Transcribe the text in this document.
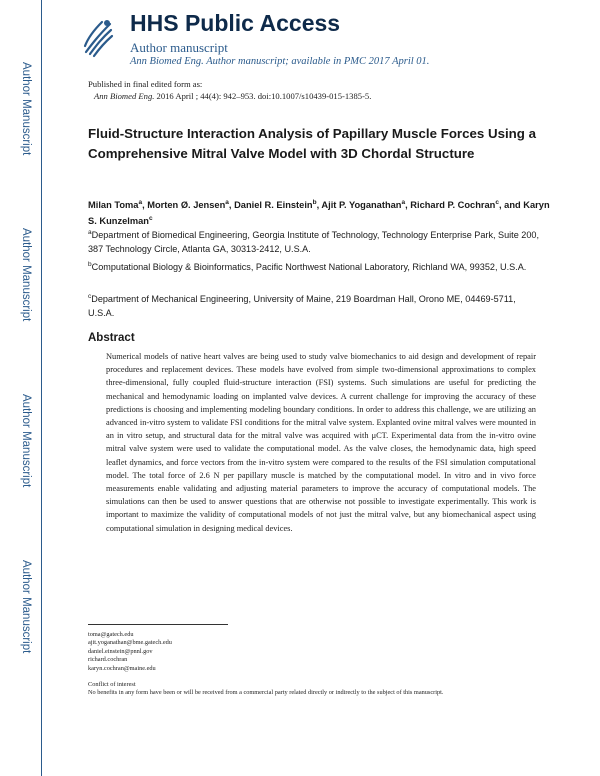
Author Manuscript
Author Manuscript
Author Manuscript
Author Manuscript
HHS Public Access
Author manuscript
Ann Biomed Eng. Author manuscript; available in PMC 2017 April 01.
Published in final edited form as:
Ann Biomed Eng. 2016 April ; 44(4): 942–953. doi:10.1007/s10439-015-1385-5.
Fluid-Structure Interaction Analysis of Papillary Muscle Forces Using a Comprehensive Mitral Valve Model with 3D Chordal Structure
Milan Toma$^a$, Morten Ø. Jensen$^a$, Daniel R. Einstein$^b$, Ajit P. Yoganathan$^a$, Richard P. Cochran$^c$, and Karyn S. Kunzelman$^c$
$^a$Department of Biomedical Engineering, Georgia Institute of Technology, Technology Enterprise Park, Suite 200, 387 Technology Circle, Atlanta GA, 30313-2412, U.S.A.
$^b$Computational Biology & Bioinformatics, Pacific Northwest National Laboratory, Richland WA, 99352, U.S.A.
$^c$Department of Mechanical Engineering, University of Maine, 219 Boardman Hall, Orono ME, 04469-5711, U.S.A.
Abstract
Numerical models of native heart valves are being used to study valve biomechanics to aid design and development of repair procedures and replacement devices. These models have evolved from simple two-dimensional approximations to complex three-dimensional, fully coupled fluid-structure interaction (FSI) systems. Such simulations are useful for predicting the mechanical and hemodynamic loading on implanted valve devices. A current challenge for improving the accuracy of these predictions is choosing and implementing modeling boundary conditions. In order to address this challenge, we are utilizing an advanced in-vitro system to validate FSI conditions for the mitral valve system. Explanted ovine mitral valves were mounted in an in vitro setup, and structural data for the mitral valve was acquired with μCT. Experimental data from the in-vitro ovine mitral valve system were used to validate the computational model. As the valve closes, the hemodynamic data, high speed leaflet dynamics, and force vectors from the in-vitro system were compared to the results of the FSI simulation computational model. The total force of 2.6 N per papillary muscle is matched by the computational model. In vitro and in vivo force measurements enable validating and adjusting material parameters to improve the accuracy of computational models. The simulations can then be used to answer questions that are otherwise not possible to investigate experimentally. This work is important to maximize the validity of computational models of not just the mitral valve, but any biomechanical aspect using computational simulation in designing medical devices.
toma@gatech.edu
ajit.yoganathan@bme.gatech.edu
daniel.einstein@pnnl.gov
richard.cochran
karyn.cochran@maine.edu
Conflict of interest
No benefits in any form have been or will be received from a commercial party related directly or indirectly to the subject of this manuscript.
